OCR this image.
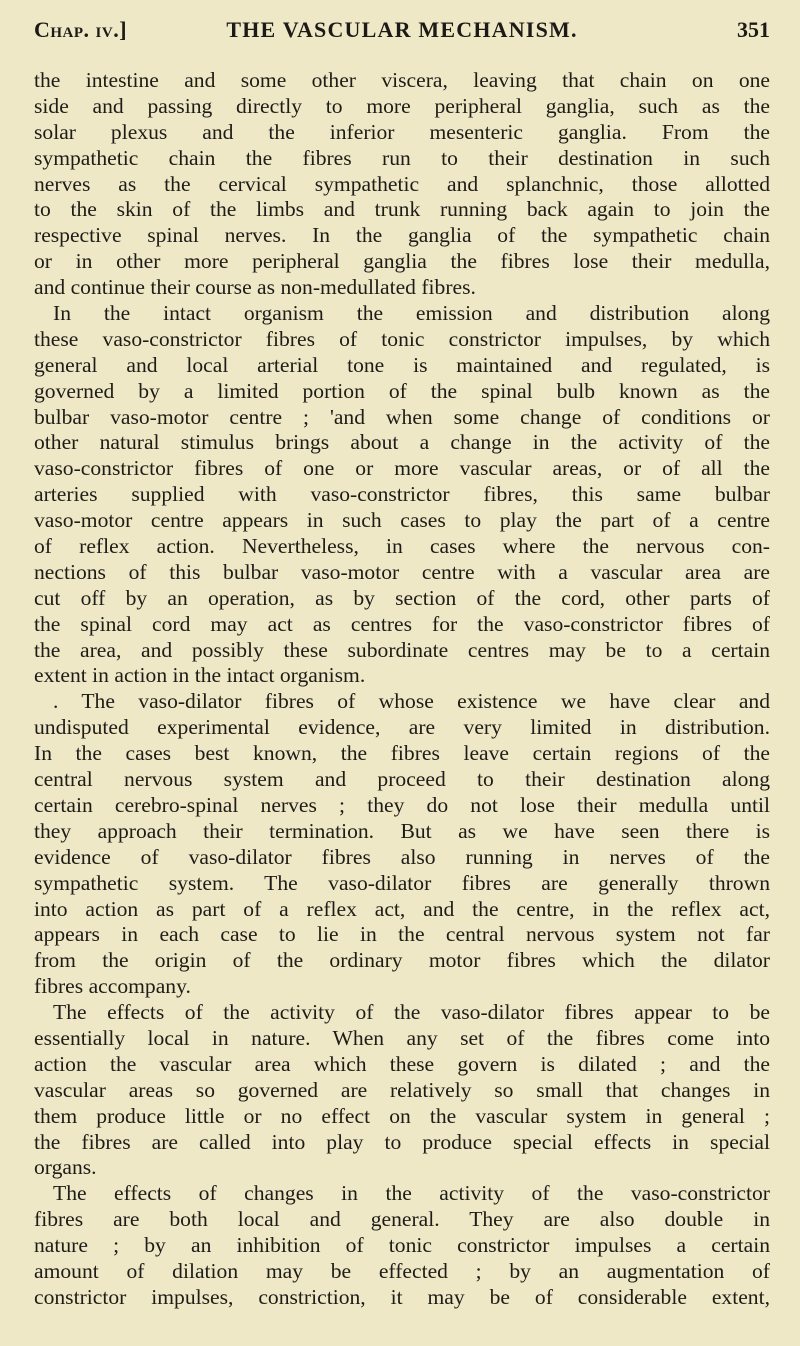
Chap. iv.]	THE VASCULAR MECHANISM.	351
the intestine and some other viscera, leaving that chain on one
side and passing directly to more peripheral ganglia, such as the
solar plexus and the inferior mesenteric ganglia. From the
sympathetic chain the fibres run to their destination in such
nerves as the cervical sympathetic and splanchnic, those allotted
to the skin of the limbs and trunk running back again to join the
respective spinal nerves. In the ganglia of the sympathetic chain
or in other more peripheral ganglia the fibres lose their medulla,
and continue their course as non-medullated fibres.
In the intact organism the emission and distribution along
these vaso-constrictor fibres of tonic constrictor impulses, by which
general and local arterial tone is maintained and regulated, is
governed by a limited portion of the spinal bulb known as the
bulbar vaso-motor centre ; 'and when some change of conditions or
other natural stimulus brings about a change in the activity of the
vaso-constrictor fibres of one or more vascular areas, or of all the
arteries supplied with vaso-constrictor fibres, this same bulbar
vaso-motor centre appears in such cases to play the part of a centre
of reflex action. Nevertheless, in cases where the nervous con-
nections of this bulbar vaso-motor centre with a vascular area are
cut off by an operation, as by section of the cord, other parts of
the spinal cord may act as centres for the vaso-constrictor fibres of
the area, and possibly these subordinate centres may be to a certain
extent in action in the intact organism.
. The vaso-dilator fibres of whose existence we have clear and
undisputed experimental evidence, are very limited in distribution.
In the cases best known, the fibres leave certain regions of the
central nervous system and proceed to their destination along
certain cerebro-spinal nerves ; they do not lose their medulla until
they approach their termination. But as we have seen there is
evidence of vaso-dilator fibres also running in nerves of the
sympathetic system. The vaso-dilator fibres are generally thrown
into action as part of a reflex act, and the centre, in the reflex act,
appears in each case to lie in the central nervous system not far
from the origin of the ordinary motor fibres which the dilator
fibres accompany.
The effects of the activity of the vaso-dilator fibres appear to be
essentially local in nature. When any set of the fibres come into
action the vascular area which these govern is dilated ; and the
vascular areas so governed are relatively so small that changes in
them produce little or no effect on the vascular system in general ;
the fibres are called into play to produce special effects in special
organs.
The effects of changes in the activity of the vaso-constrictor
fibres are both local and general. They are also double in
nature ; by an inhibition of tonic constrictor impulses a certain
amount of dilation may be effected ; by an augmentation of
constrictor impulses, constriction, it may be of considerable extent,
